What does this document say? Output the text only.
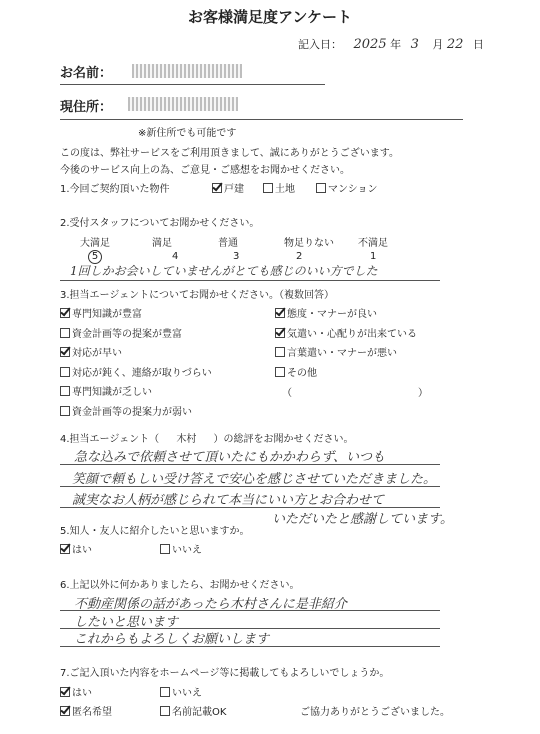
お客様満足度アンケート
記入日： 2025 年 3 月 22 日
お名前：
現住所：
※新住所でも可能です
この度は、弊社サービスをご利用頂きまして、誠にありがとうございます。
今後のサービス向上の為、ご意見・ご感想をお聞かせください。
1.今回ご契約頂いた物件	戸建	土地	マンション
2.受付スタッフについてお聞かせください。
大満足	満足	普通	物足りない 不満足
5	4	3	2	1
1回しかお会いしていませんがとても感じのいい方でした
3.担当エージェントについてお聞かせください。（複数回答）
専門知識が豊富
資金計画等の提案が豊富
対応が早い
対応が鈍く、連絡が取りづらい
専門知識が乏しい
資金計画等の提案力が弱い
態度・マナーが良い
気遣い・心配りが出来ている
言葉遣い・マナーが悪い
その他
（	）
4.担当エージェント（ 木村 ）の総評をお聞かせください。
急な込みで依頼させて頂いたにもかかわらず、いつも
笑顔で頼もしい受け答えで安心を感じさせていただきました。
誠実なお人柄が感じられて本当にいい方とお合わせて
いただいたと感謝しています。
5.知人・友人に紹介したいと思いますか。
はい	いいえ
6.上記以外に何かありましたら、お聞かせください。
不動産関係の話があったら木村さんに是非紹介
したいと思います
これからもよろしくお願いします
7.ご記入頂いた内容をホームページ等に掲載してもよろしいでしょうか。
はい	いいえ
匿名希望	名前記載OK	ご協力ありがとうございました。
